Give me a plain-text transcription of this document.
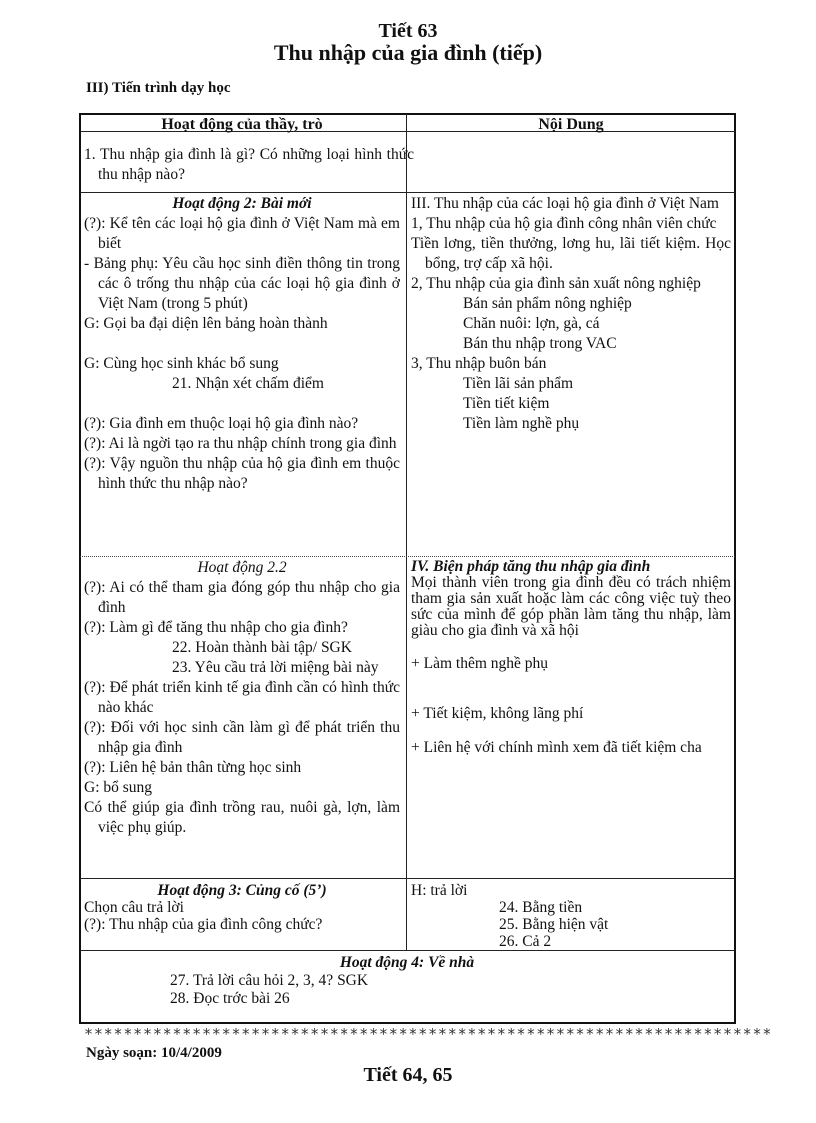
Tiết 63
Thu nhập của gia đình (tiếp)
III) Tiến trình dạy học
Hoạt động của thầy, trò	Nội Dung
1. Thu nhập gia đình là gì? Có những loại hình thức thu nhập nào?

Hoạt động 2: Bài mới

(?): Kể tên các loại hộ gia đình ở Việt Nam mà em biết

- Bảng phụ: Yêu cầu học sinh điền thông tin trong các ô trống thu nhập của các loại hộ gia đình ở Việt Nam (trong 5 phút)

G: Gọi ba đại diện lên bảng hoàn thành

G: Cùng học sinh khác bổ sung

21. Nhận xét chấm điểm

(?): Gia đình em thuộc loại hộ gia đình nào?

(?): Ai là ngời tạo ra thu nhập chính trong gia đình

(?): Vậy nguồn thu nhập của hộ gia đình em thuộc hình thức thu nhập nào?

III. Thu nhập của các loại hộ gia đình ở Việt Nam

1, Thu nhập của hộ gia đình công nhân viên chức

Tiền lơng, tiền thưởng, lơng hu, lãi tiết kiệm. Học bổng, trợ cấp xã hội.

2, Thu nhập của gia đình sản xuất nông nghiệp

Bán sản phẩm nông nghiệp

Chăn nuôi: lợn, gà, cá

Bán thu nhập trong VAC

3, Thu nhập buôn bán

Tiền lãi sản phẩm

Tiền tiết kiệm

Tiền làm nghề phụ

Hoạt động 2.2

(?): Ai có thể tham gia đóng góp thu nhập cho gia đình

(?): Làm gì để tăng thu nhập cho gia đình?

22. Hoàn thành bài tập/ SGK

23. Yêu cầu trả lời miệng bài này

(?): Để phát triển kinh tế gia đình cần có hình thức nào khác

(?): Đối với học sinh cần làm gì để phát triển thu nhập gia đình

(?): Liên hệ bản thân từng học sinh

G: bổ sung

Có thể giúp gia đình trồng rau, nuôi gà, lợn, làm việc phụ giúp.

IV. Biện pháp tăng thu nhập gia đình

Mọi thành viên trong gia đình đều có trách nhiệm tham gia sản xuất hoặc làm các công việc tuỳ theo sức của mình để góp phần làm tăng thu nhập, làm giàu cho gia đình và xã hội

+ Làm thêm nghề phụ

+ Tiết kiệm, không lãng phí

+ Liên hệ với chính mình xem đã tiết kiệm cha

Hoạt động 3: Củng cố (5’)

Chọn câu trả lời

(?): Thu nhập của gia đình công chức?

H: trả lời

24. Bằng tiền

25. Bằng hiện vật

26. Cả 2

Hoạt động 4: Về nhà

27. Trả lời câu hỏi 2, 3, 4? SGK

28. Đọc trớc bài 26

**********************************************************************
Ngày soạn: 10/4/2009
Tiết 64, 65
